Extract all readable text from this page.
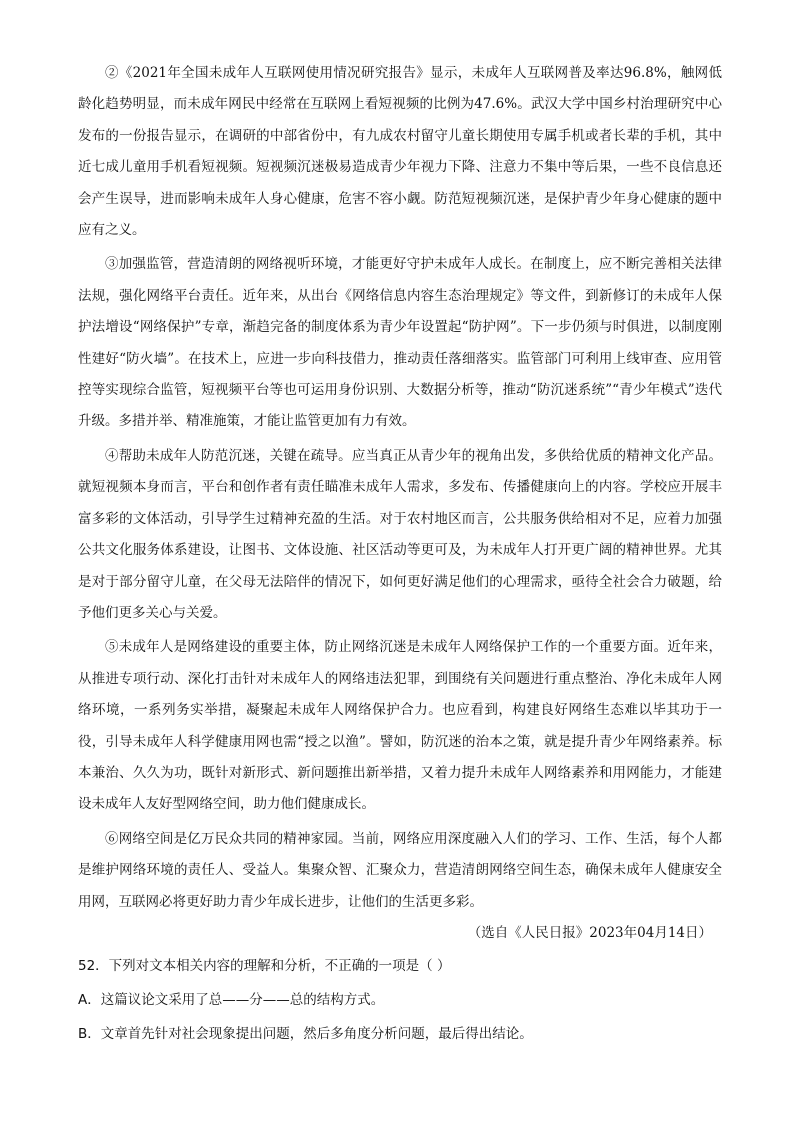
②《2021年全国未成年人互联网使用情况研究报告》显示，未成年人互联网普及率达96.8%，触网低龄化趋势明显，而未成年网民中经常在互联网上看短视频的比例为47.6%。武汉大学中国乡村治理研究中心发布的一份报告显示，在调研的中部省份中，有九成农村留守儿童长期使用专属手机或者长辈的手机，其中近七成儿童用手机看短视频。短视频沉迷极易造成青少年视力下降、注意力不集中等后果，一些不良信息还会产生误导，进而影响未成年人身心健康，危害不容小觑。防范短视频沉迷，是保护青少年身心健康的题中应有之义。

③加强监管，营造清朗的网络视听环境，才能更好守护未成年人成长。在制度上，应不断完善相关法律法规，强化网络平台责任。近年来，从出台《网络信息内容生态治理规定》等文件，到新修订的未成年人保护法增设“网络保护”专章，渐趋完备的制度体系为青少年设置起“防护网”。下一步仍须与时俱进，以制度刚性建好“防火墙”。在技术上，应进一步向科技借力，推动责任落细落实。监管部门可利用上线审查、应用管控等实现综合监管，短视频平台等也可运用身份识别、大数据分析等，推动“防沉迷系统”“青少年模式”迭代升级。多措并举、精准施策，才能让监管更加有力有效。

④帮助未成年人防范沉迷，关键在疏导。应当真正从青少年的视角出发，多供给优质的精神文化产品。就短视频本身而言，平台和创作者有责任瞄准未成年人需求，多发布、传播健康向上的内容。学校应开展丰富多彩的文体活动，引导学生过精神充盈的生活。对于农村地区而言，公共服务供给相对不足，应着力加强公共文化服务体系建设，让图书、文体设施、社区活动等更可及，为未成年人打开更广阔的精神世界。尤其是对于部分留守儿童，在父母无法陪伴的情况下，如何更好满足他们的心理需求，亟待全社会合力破题，给予他们更多关心与关爱。

⑤未成年人是网络建设的重要主体，防止网络沉迷是未成年人网络保护工作的一个重要方面。近年来，从推进专项行动、深化打击针对未成年人的网络违法犯罪，到围绕有关问题进行重点整治、净化未成年人网络环境，一系列务实举措，凝聚起未成年人网络保护合力。也应看到，构建良好网络生态难以毕其功于一役，引导未成年人科学健康用网也需“授之以渔”。譬如，防沉迷的治本之策，就是提升青少年网络素养。标本兼治、久久为功，既针对新形式、新问题推出新举措，又着力提升未成年人网络素养和用网能力，才能建设未成年人友好型网络空间，助力他们健康成长。

⑥网络空间是亿万民众共同的精神家园。当前，网络应用深度融入人们的学习、工作、生活，每个人都是维护网络环境的责任人、受益人。集聚众智、汇聚众力，营造清朗网络空间生态，确保未成年人健康安全用网，互联网必将更好助力青少年成长进步，让他们的生活更多彩。

（选自《人民日报》2023年04月14日）

52．下列对文本相关内容的理解和分析，不正确的一项是（ ）

A．这篇议论文采用了总——分——总的结构方式。

B．文章首先针对社会现象提出问题，然后多角度分析问题，最后得出结论。
